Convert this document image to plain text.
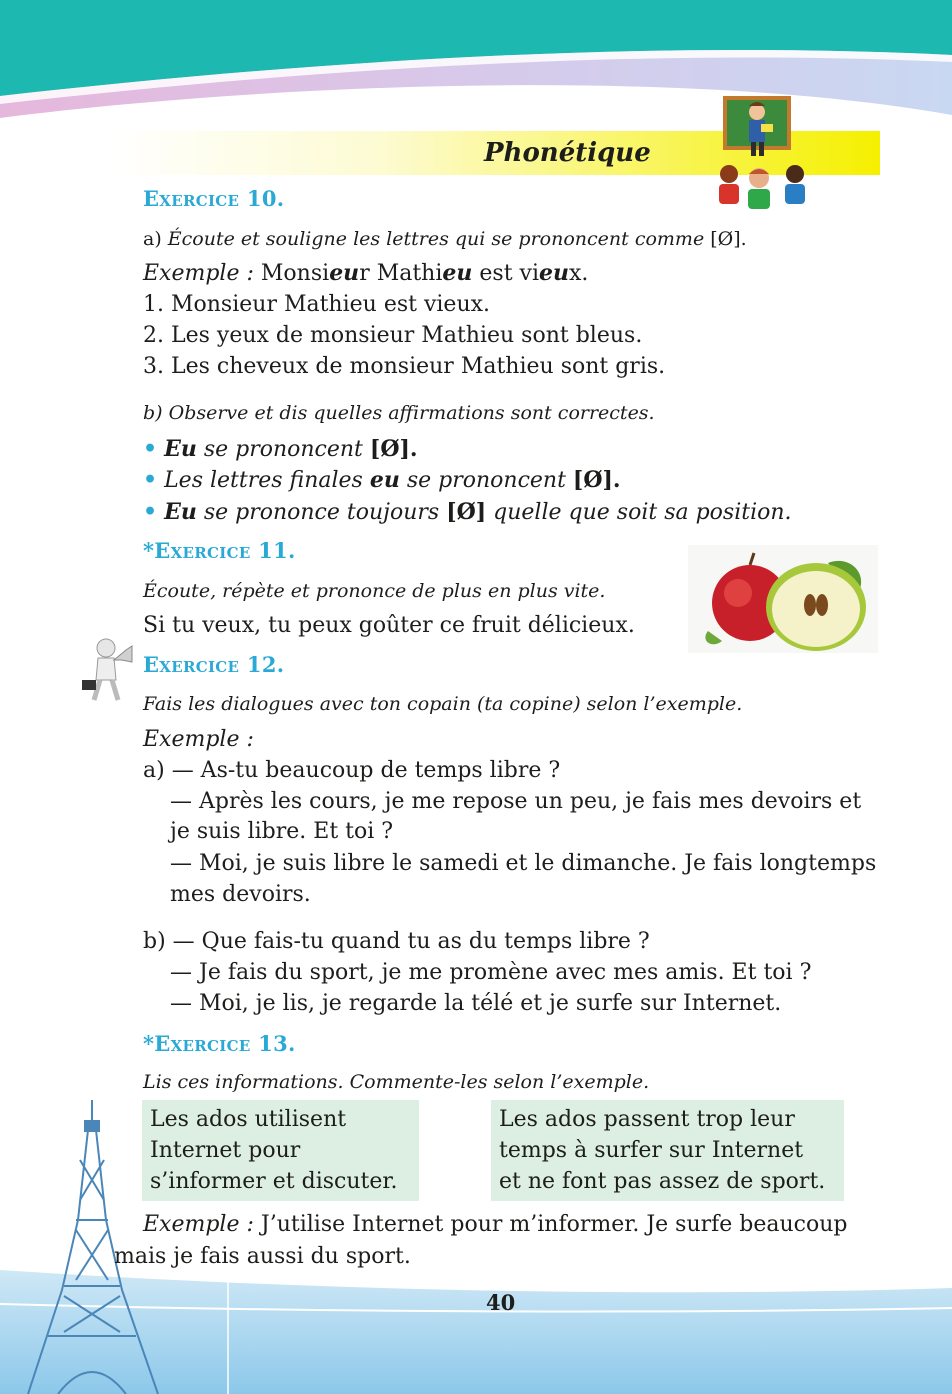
Phonétique
Exercice 10.
a) Écoute et souligne les lettres qui se prononcent comme [Ø].
Exemple : Monsieur Mathieu est vieux.
1. Monsieur Mathieu est vieux.
2. Les yeux de monsieur Mathieu sont bleus.
3. Les cheveux de monsieur Mathieu sont gris.
b) Observe et dis quelles affirmations sont correctes.
• Eu se prononcent [Ø].
• Les lettres finales eu se prononcent [Ø].
• Eu se prononce toujours [Ø] quelle que soit sa position.
*Exercice 11.
Écoute, répète et prononce de plus en plus vite.
Si tu veux, tu peux goûter ce fruit délicieux.
Exercice 12.
Fais les dialogues avec ton copain (ta copine) selon l’exemple.
Exemple :
a) — As-tu beaucoup de temps libre ?
— Après les cours, je me repose un peu, je fais mes devoirs et
je suis libre. Et toi ?
— Moi, je suis libre le samedi et le dimanche. Je fais longtemps
mes devoirs.
b) — Que fais-tu quand tu as du temps libre ?
— Je fais du sport, je me promène avec mes amis. Et toi ?
— Moi, je lis, je regarde la télé et je surfe sur Internet.
*Exercice 13.
Lis ces informations. Commente-les selon l’exemple.
Les ados utilisent
Internet pour
s’informer et discuter.
Les ados passent trop leur
temps à surfer sur Internet
et ne font pas assez de sport.
Exemple : J’utilise Internet pour m’informer. Je surfe beaucoup
mais je fais aussi du sport.
40
